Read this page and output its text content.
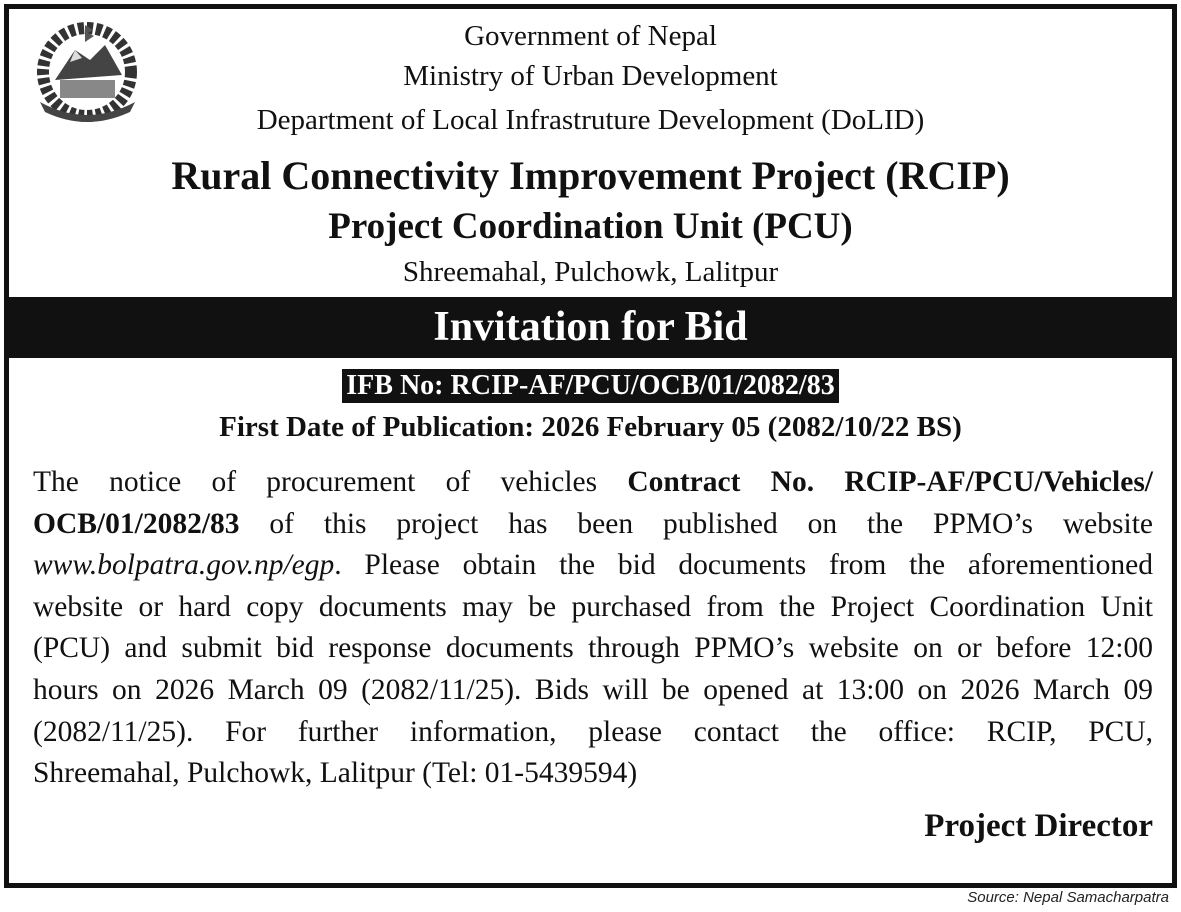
Government of Nepal
Ministry of Urban Development
Department of Local Infrastruture Development (DoLID)
Rural Connectivity Improvement Project (RCIP)
Project Coordination Unit (PCU)
Shreemahal, Pulchowk, Lalitpur
Invitation for Bid
IFB No: RCIP-AF/PCU/OCB/01/2082/83
First Date of Publication: 2026 February 05 (2082/10/22 BS)
The notice of procurement of vehicles Contract No. RCIP-AF/PCU/Vehicles/
OCB/01/2082/83 of this project has been published on the PPMO’s website
www.bolpatra.gov.np/egp. Please obtain the bid documents from the aforementioned
website or hard copy documents may be purchased from the Project Coordination Unit
(PCU) and submit bid response documents through PPMO’s website on or before 12:00
hours on 2026 March 09 (2082/11/25). Bids will be opened at 13:00 on 2026 March 09
(2082/11/25). For further information, please contact the office: RCIP, PCU,
Shreemahal, Pulchowk, Lalitpur (Tel: 01-5439594)
Project Director
Source: Nepal Samacharpatra
